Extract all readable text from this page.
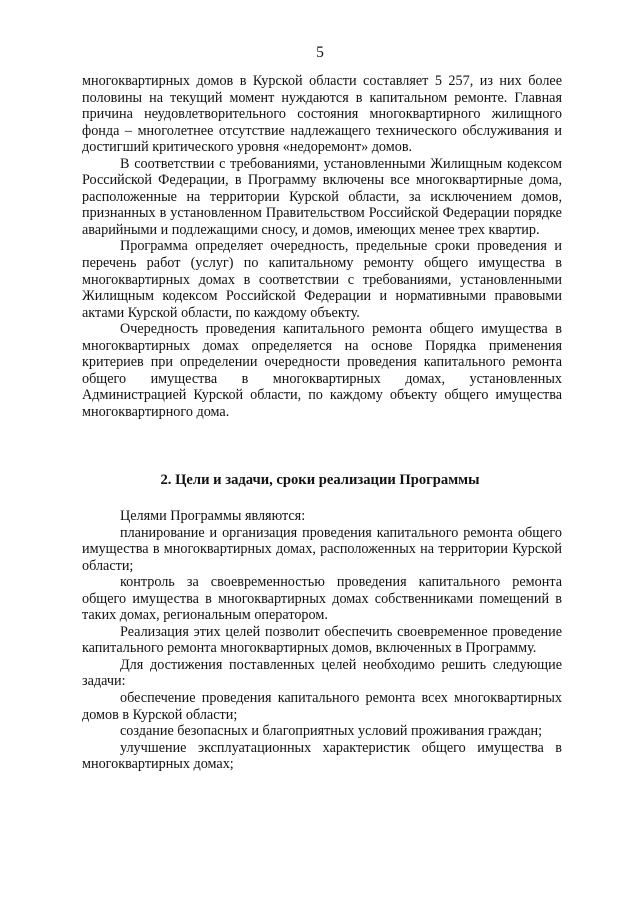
5

многоквартирных домов в Курской области составляет 5 257, из них более половины на текущий момент нуждаются в капитальном ремонте. Главная причина неудовлетворительного состояния многоквартирного жилищного фонда – многолетнее отсутствие надлежащего технического обслуживания и достигший критического уровня «недоремонт» домов.

В соответствии с требованиями, установленными Жилищным кодексом Российской Федерации, в Программу включены все многоквартирные дома, расположенные на территории Курской области, за исключением домов, признанных в установленном Правительством Российской Федерации порядке аварийными и подлежащими сносу, и домов, имеющих менее трех квартир.

Программа определяет очередность, предельные сроки проведения и перечень работ (услуг) по капитальному ремонту общего имущества в многоквартирных домах в соответствии с требованиями, установленными Жилищным кодексом Российской Федерации и нормативными правовыми актами Курской области, по каждому объекту.

Очередность проведения капитального ремонта общего имущества в многоквартирных домах определяется на основе Порядка применения критериев при определении очередности проведения капитального ремонта общего имущества в многоквартирных домах, установленных Администрацией Курской области, по каждому объекту общего имущества многоквартирного дома.

2. Цели и задачи, сроки реализации Программы

Целями Программы являются:

планирование и организация проведения капитального ремонта общего имущества в многоквартирных домах, расположенных на территории Курской области;

контроль за своевременностью проведения капитального ремонта общего имущества в многоквартирных домах собственниками помещений в таких домах, региональным оператором.

Реализация этих целей позволит обеспечить своевременное проведение капитального ремонта многоквартирных домов, включенных в Программу.

Для достижения поставленных целей необходимо решить следующие задачи:

обеспечение проведения капитального ремонта всех многоквартирных домов в Курской области;

создание безопасных и благоприятных условий проживания граждан;

улучшение эксплуатационных характеристик общего имущества в многоквартирных домах;
